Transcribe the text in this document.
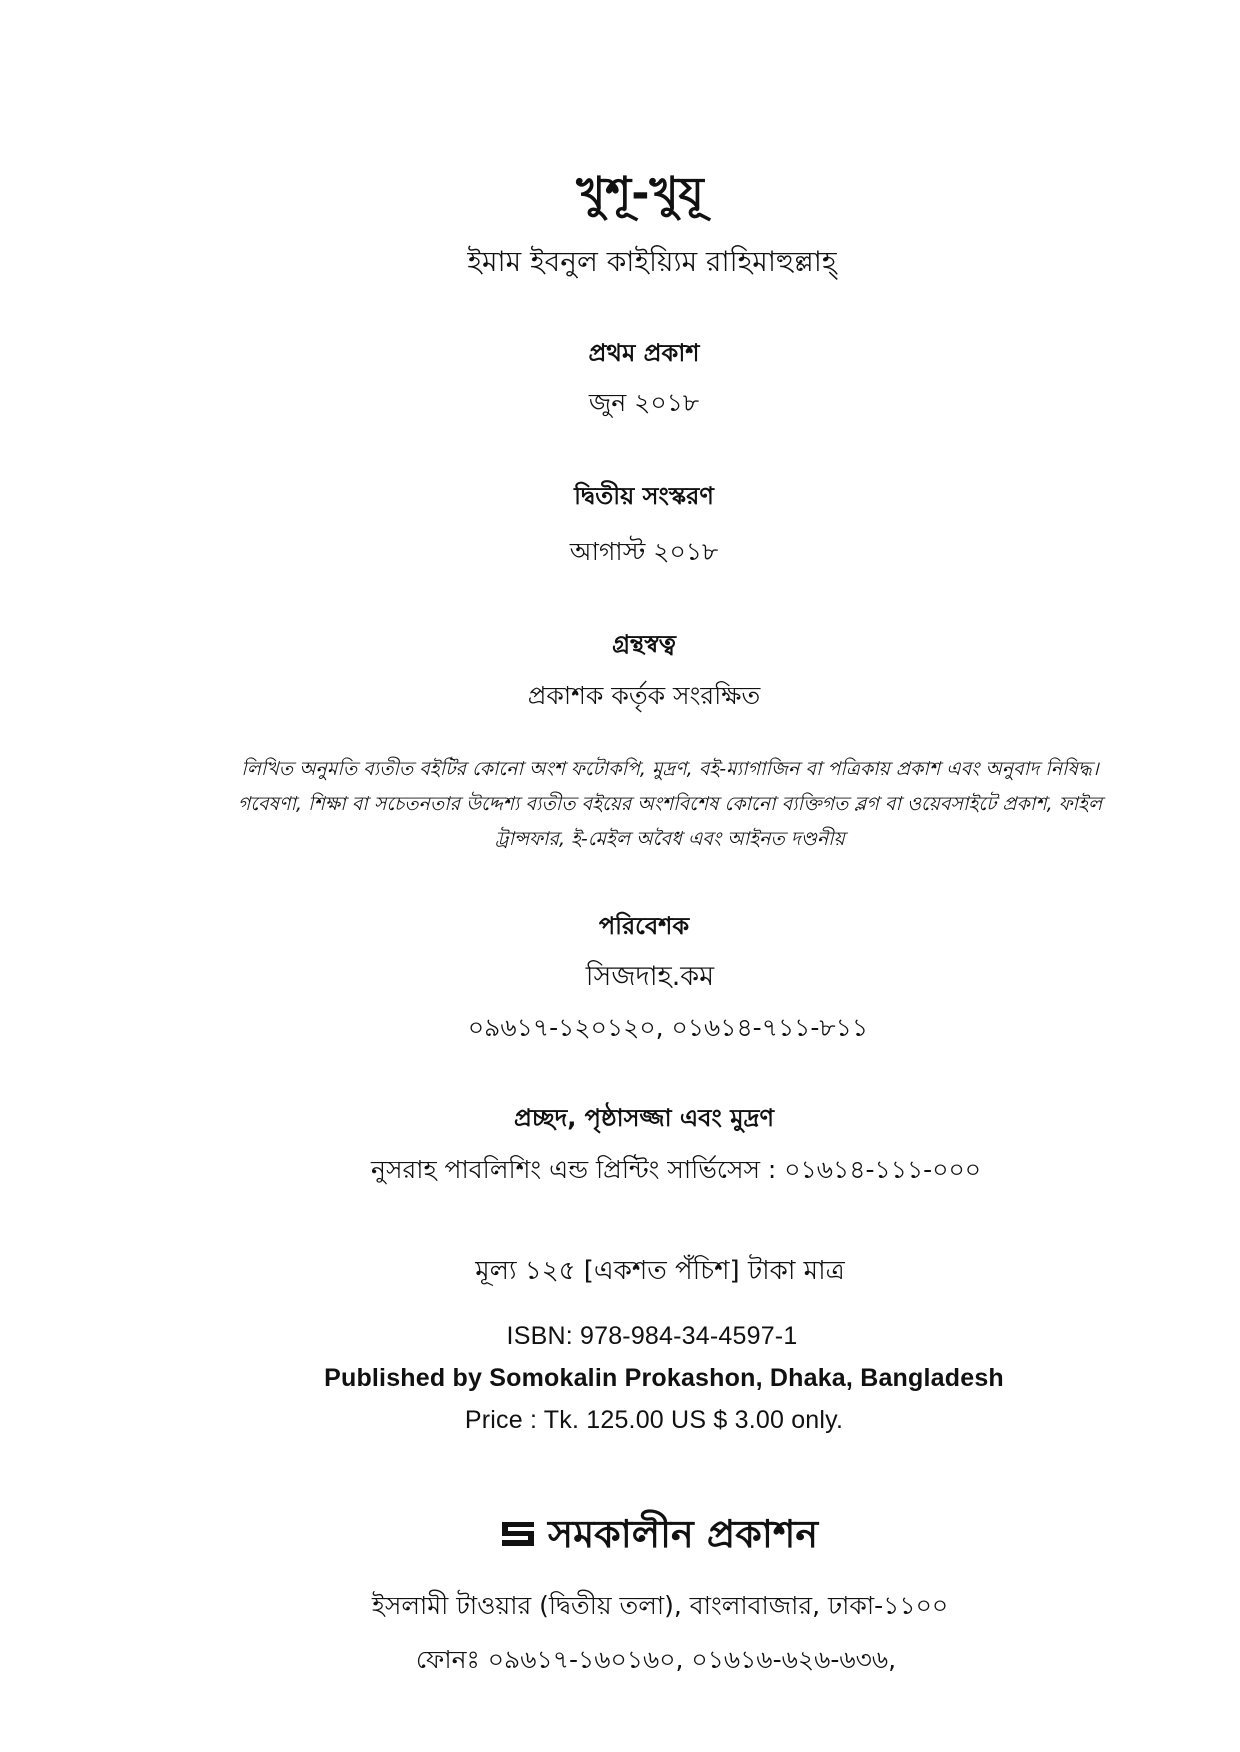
খুশূ-খুযূ
ইমাম ইবনুল কাইয়্যিম রাহিমাহুল্লাহ্‌
প্রথম প্রকাশ
জুন ২০১৮
দ্বিতীয় সংস্করণ
আগাস্ট ২০১৮
গ্রন্থস্বত্ব
প্রকাশক কর্তৃক সংরক্ষিত
লিখিত অনুমতি ব্যতীত বইটির কোনো অংশ ফটোকপি, মুদ্রণ, বই-ম্যাগাজিন বা পত্রিকায় প্রকাশ এবং অনুবাদ নিষিদ্ধ। গবেষণা, শিক্ষা বা সচেতনতার উদ্দেশ্য ব্যতীত বইয়ের অংশবিশেষ কোনো ব্যক্তিগত ব্লগ বা ওয়েবসাইটে প্রকাশ, ফাইল ট্রান্সফার, ই-মেইল অবৈধ এবং আইনত দণ্ডনীয়
পরিবেশক
সিজদাহ.কম
০৯৬১৭-১২০১২০, ০১৬১৪-৭১১-৮১১
প্রচ্ছদ, পৃষ্ঠাসজ্জা এবং মুদ্রণ
নুসরাহ পাবলিশিং এন্ড প্রিন্টিং সার্ভিসেস : ০১৬১৪-১১১-০০০
মূল্য ১২৫ [একশত পঁচিশ] টাকা মাত্র
ISBN: 978-984-34-4597-1
Published by Somokalin Prokashon, Dhaka, Bangladesh
Price : Tk. 125.00 US $ 3.00 only.
সমকালীন প্রকাশন
ইসলামী টাওয়ার (দ্বিতীয় তলা), বাংলাবাজার, ঢাকা-১১০০
ফোনঃ ০৯৬১৭-১৬০১৬০, ০১৬১৬-৬২৬-৬৩৬,
